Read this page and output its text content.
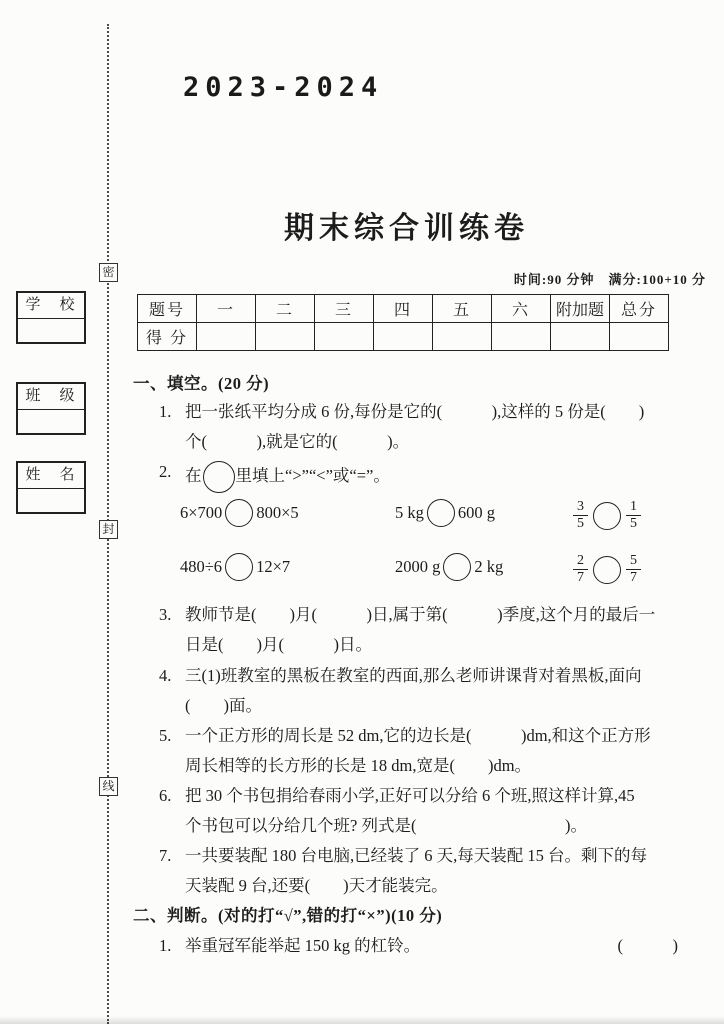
密
封
线
学　校
班　级
姓　名
2023-2024
期末综合训练卷
时间:90 分钟　满分:100+10 分
题号	一	二	三	四	五	六	附加题	总分
得 分								
一、填空。(20 分)
1. 把一张纸平均分成 6 份,每份是它的(　　　),这样的 5 份是(　　)
个(　　　),就是它的(　　　)。
2. 在 里填上“>”“<”或“=”。
6×700 800×5	5 kg 600 g	$\frac{3}{5}$	$\frac{1}{5}$
480÷6 12×7	2000 g 2 kg	$\frac{2}{7}$	$\frac{5}{7}$
3. 教师节是(　　)月(　　　)日,属于第(　　　)季度,这个月的最后一
日是(　　)月(　　　)日。
4. 三(1)班教室的黑板在教室的西面,那么老师讲课背对着黑板,面向
(　　)面。
5. 一个正方形的周长是 52 dm,它的边长是(　　　)dm,和这个正方形
周长相等的长方形的长是 18 dm,宽是(　　)dm。
6. 把 30 个书包捐给春雨小学,正好可以分给 6 个班,照这样计算,45
个书包可以分给几个班? 列式是(　　　　　　　　　)。
7. 一共要装配 180 台电脑,已经装了 6 天,每天装配 15 台。剩下的每
天装配 9 台,还要(　　)天才能装完。
二、判断。(对的打“√”,错的打“×”)(10 分)
1. 举重冠军能举起 150 kg 的杠铃。	(　　　)
